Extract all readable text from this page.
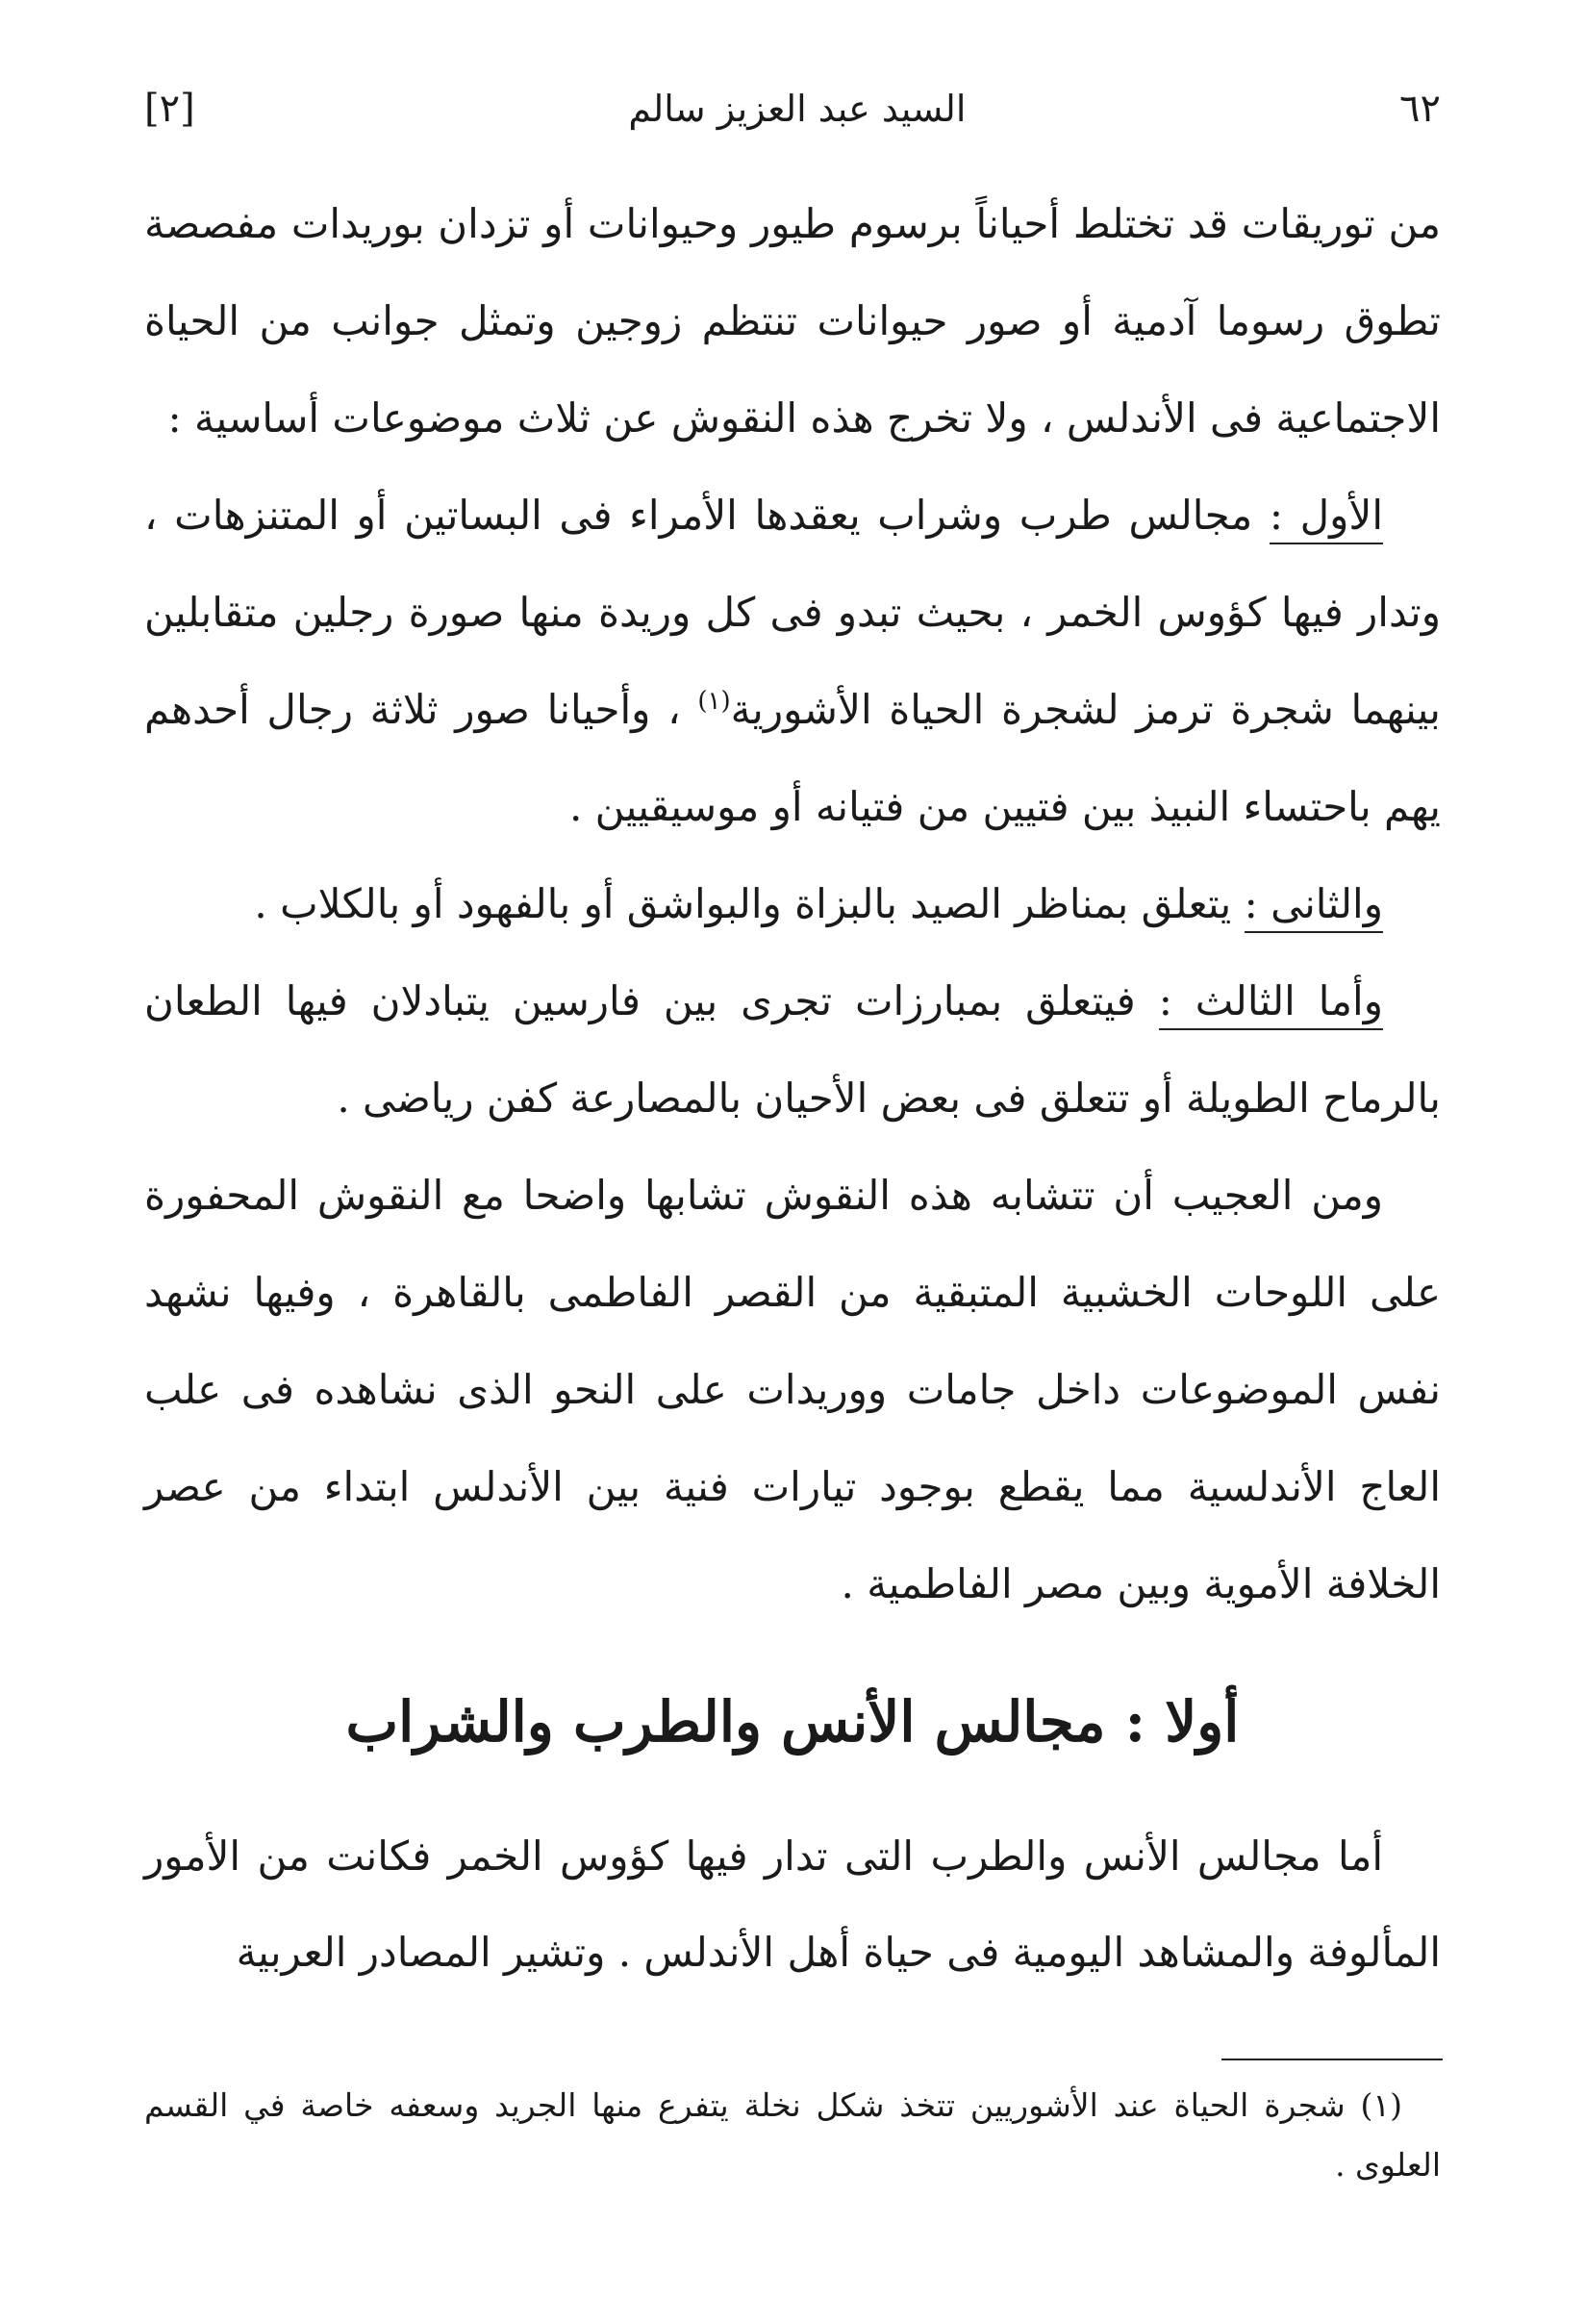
٦٢
السيد عبد العزيز سالم
[٢]

من توريقات قد تختلط أحياناً برسوم طيور وحيوانات أو تزدان بوريدات مفصصة تطوق رسوما آدمية أو صور حيوانات تنتظم زوجين وتمثل جوانب من الحياة الاجتماعية فى الأندلس ، ولا تخرج هذه النقوش عن ثلاث موضوعات أساسية :

الأول : مجالس طرب وشراب يعقدها الأمراء فى البساتين أو المتنزهات ، وتدار فيها كؤوس الخمر ، بحيث تبدو فى كل وريدة منها صورة رجلين متقابلين بينهما شجرة ترمز لشجرة الحياة الأشورية$^{(١)}$ ، وأحيانا صور ثلاثة رجال أحدهم يهم باحتساء النبيذ بين فتيين من فتيانه أو موسيقيين .

والثانى : يتعلق بمناظر الصيد بالبزاة والبواشق أو بالفهود أو بالكلاب .

وأما الثالث : فيتعلق بمبارزات تجرى بين فارسين يتبادلان فيها الطعان بالرماح الطويلة أو تتعلق فى بعض الأحيان بالمصارعة كفن رياضى .

ومن العجيب أن تتشابه هذه النقوش تشابها واضحا مع النقوش المحفورة على اللوحات الخشبية المتبقية من القصر الفاطمى بالقاهرة ، وفيها نشهد نفس الموضوعات داخل جامات ووريدات على النحو الذى نشاهده فى علب العاج الأندلسية مما يقطع بوجود تيارات فنية بين الأندلس ابتداء من عصر الخلافة الأموية وبين مصر الفاطمية .

أولا : مجالس الأنس والطرب والشراب

أما مجالس الأنس والطرب التى تدار فيها كؤوس الخمر فكانت من الأمور المألوفة والمشاهد اليومية فى حياة أهل الأندلس . وتشير المصادر العربية

(١) شجرة الحياة عند الأشوريين تتخذ شكل نخلة يتفرع منها الجريد وسعفه خاصة في القسم العلوى .
